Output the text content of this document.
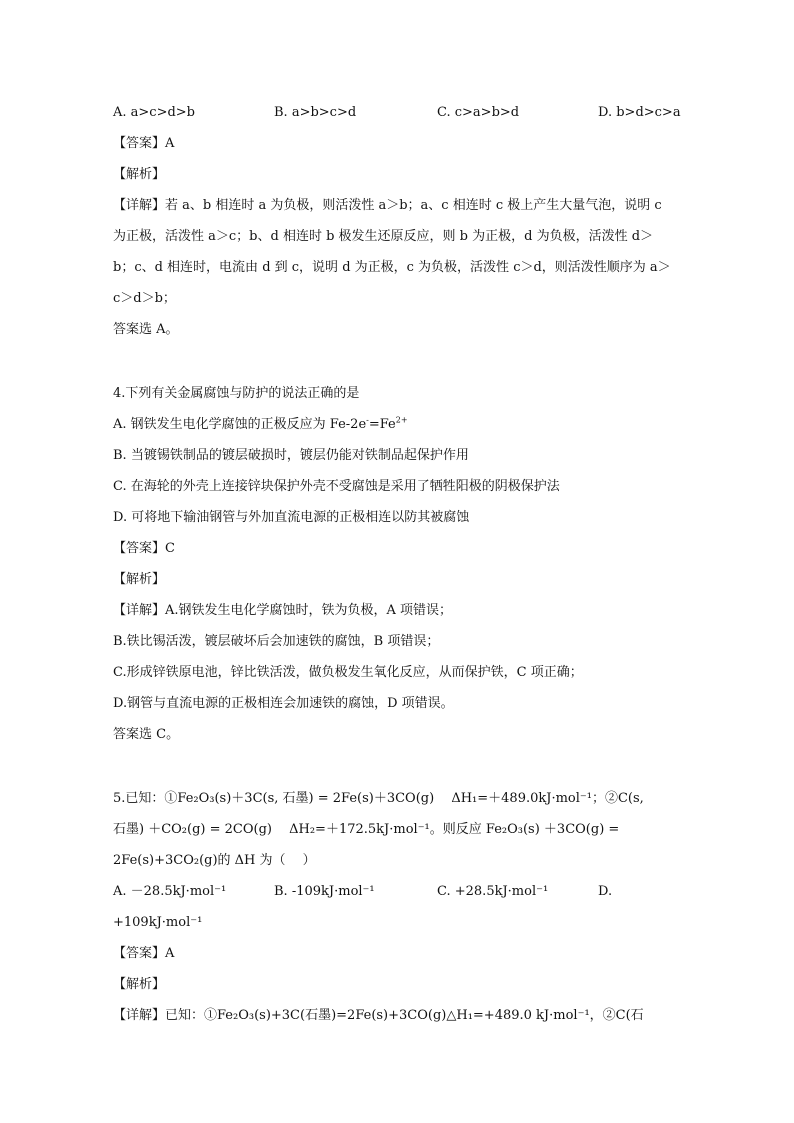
A. a>c>d>b	B. a>b>c>d	C. c>a>b>d	D. b>d>c>a
【答案】A
【解析】
【详解】若 a、b 相连时 a 为负极，则活泼性 a＞b；a、c 相连时 c 极上产生大量气泡，说明 c
为正极，活泼性 a＞c；b、d 相连时 b 极发生还原反应，则 b 为正极，d 为负极，活泼性 d＞
b；c、d 相连时，电流由 d 到 c，说明 d 为正极，c 为负极，活泼性 c＞d，则活泼性顺序为 a＞
c＞d＞b；
答案选 A。
4.下列有关金属腐蚀与防护的说法正确的是
A. 钢铁发生电化学腐蚀的正极反应为 $Fe-2e^-=Fe^{2+}$
B. 当镀锡铁制品的镀层破损时，镀层仍能对铁制品起保护作用
C. 在海轮的外壳上连接锌块保护外壳不受腐蚀是采用了牺牲阳极的阴极保护法
D. 可将地下输油钢管与外加直流电源的正极相连以防其被腐蚀
【答案】C
【解析】
【详解】A.钢铁发生电化学腐蚀时，铁为负极，A 项错误；
B.铁比锡活泼，镀层破坏后会加速铁的腐蚀，B 项错误；
C.形成锌铁原电池，锌比铁活泼，做负极发生氧化反应，从而保护铁，C 项正确；
D.钢管与直流电源的正极相连会加速铁的腐蚀，D 项错误。
答案选 C。
5.已知：①Fe₂O₃(s)＋3C(s, 石墨) = 2Fe(s)＋3CO(g)　 ΔH₁=＋489.0kJ·mol⁻¹；②C(s,
石墨) ＋CO₂(g) = 2CO(g)　 ΔH₂=＋172.5kJ·mol⁻¹。则反应 Fe₂O₃(s) ＋3CO(g) =
2Fe(s)+3CO₂(g)的 ΔH 为（　 ）
A. －28.5kJ·mol⁻¹	B. -109kJ·mol⁻¹	C. +28.5kJ·mol⁻¹	D.
+109kJ·mol⁻¹
【答案】A
【解析】
【详解】已知：①Fe₂O₃(s)+3C(石墨)=2Fe(s)+3CO(g)△H₁=+489.0 kJ·mol⁻¹，②C(石
